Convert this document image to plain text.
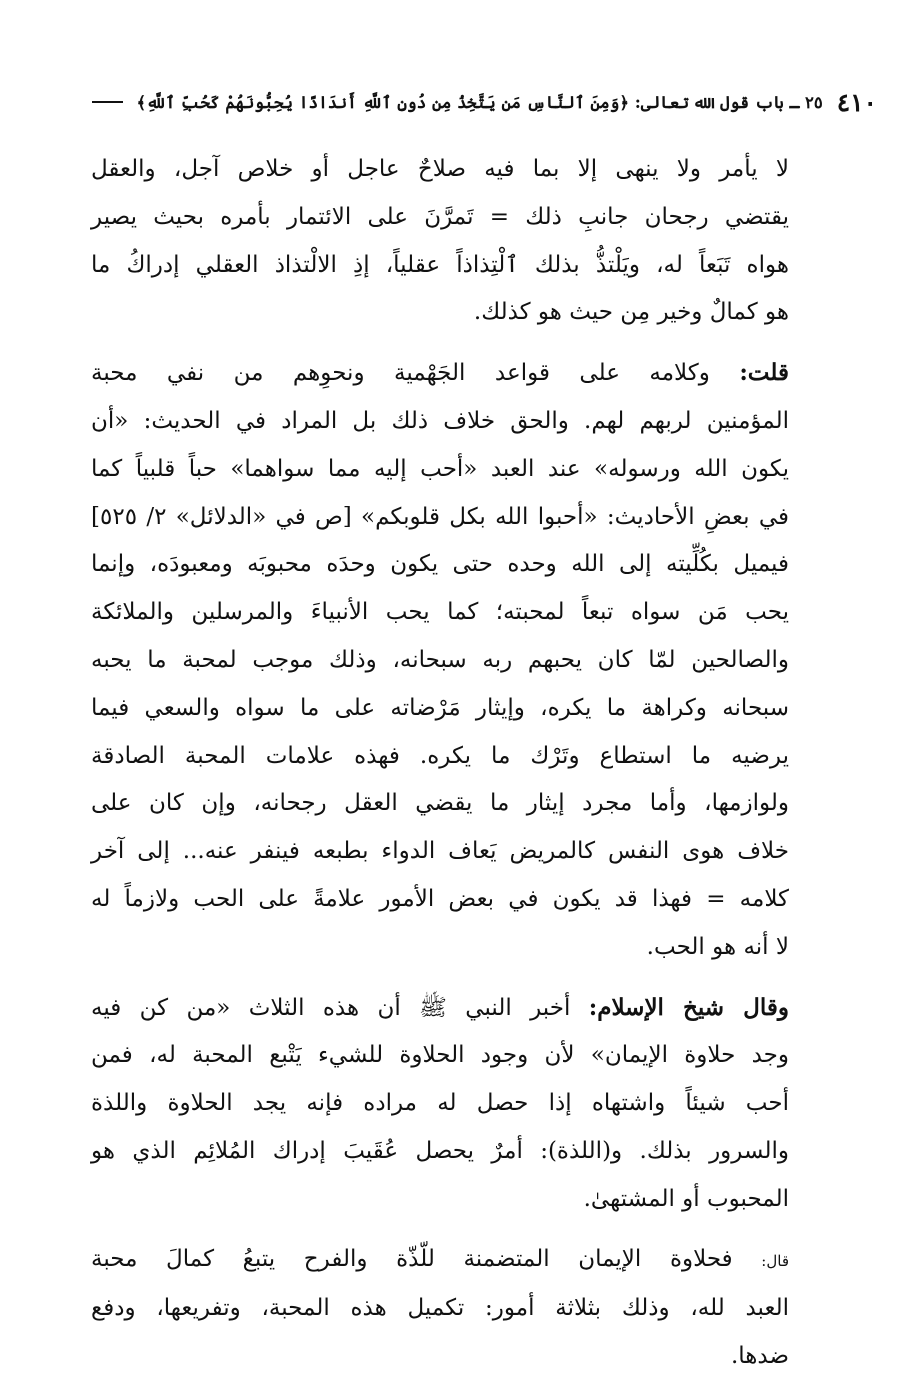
٤١٠
٢٥ ـ باب قول الله تعالى: ﴿وَمِنَ ٱلنَّاسِ مَن يَتَّخِذُ مِن دُونِ ٱللَّهِ أَندَادًا يُحِبُّونَهُمْ كَحُبِّ ٱللَّهِ﴾
لا يأمر ولا ينهى إلا بما فيه صلاحٌ عاجل أو خلاص آجل، والعقل
يقتضي رجحان جانبِ ذلك = تَمرَّنَ على الائتمار بأمره بحيث يصير
هواه تَبَعاً له، ويَلْتذُّ بذلك ٱلْتِذاذاً عقلياً، إذِ الالْتذاذ العقلي إدراكُ ما
هو كمالٌ وخير مِن حيث هو كذلك.
قلت: وكلامه على قواعد الجَهْمية ونحوِهم من نفي محبة
المؤمنين لربهم لهم. والحق خلاف ذلك بل المراد في الحديث: «أن
يكون الله ورسوله» عند العبد «أحب إليه مما سواهما» حباً قلبياً كما
في بعضِ الأحاديث: «أحبوا الله بكل قلوبكم» [ص في «الدلائل» ٢/ ٥٢٥]
فيميل بكُلِّيته إلى الله وحده حتى يكون وحدَه محبوبَه ومعبودَه، وإنما
يحب مَن سواه تبعاً لمحبته؛ كما يحب الأنبياءَ والمرسلين والملائكة
والصالحين لمّا كان يحبهم ربه سبحانه، وذلك موجب لمحبة ما يحبه
سبحانه وكراهة ما يكره، وإيثار مَرْضاته على ما سواه والسعي فيما
يرضيه ما استطاع وتَرْك ما يكره. فهذه علامات المحبة الصادقة
ولوازمها، وأما مجرد إيثار ما يقضي العقل رجحانه، وإن كان على
خلاف هوى النفس كالمريض يَعاف الدواء بطبعه فينفر عنه... إلى آخر
كلامه = فهذا قد يكون في بعض الأمور علامةً على الحب ولازماً له
لا أنه هو الحب.
وقال شيخ الإسلام: أخبر النبي ﷺ أن هذه الثلاث «من كن فيه
وجد حلاوة الإيمان» لأن وجود الحلاوة للشيء يَتْبع المحبة له، فمن
أحب شيئاً واشتهاه إذا حصل له مراده فإنه يجد الحلاوة واللذة
والسرور بذلك. و(اللذة): أمرٌ يحصل عُقَيبَ إدراك المُلائِم الذي هو
المحبوب أو المشتهىٰ.
قال: فحلاوة الإيمان المتضمنة للّذّة والفرح يتبعُ كمالَ محبة
العبد لله، وذلك بثلاثة أمور: تكميل هذه المحبة، وتفريعها، ودفع
ضدها.
